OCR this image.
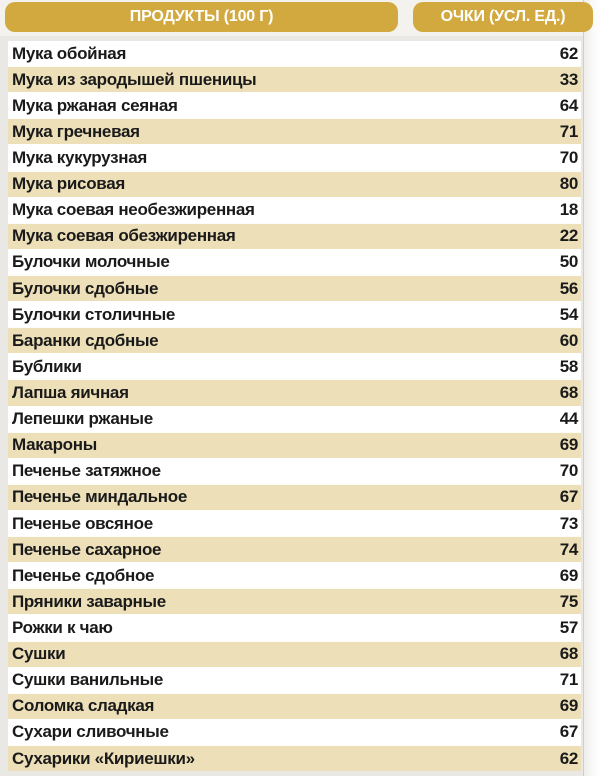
ПРОДУКТЫ (100 Г)	ОЧКИ (УСЛ. ЕД.)
Мука обойная	62
Мука из зародышей пшеницы	33
Мука ржаная сеяная	64
Мука гречневая	71
Мука кукурузная	70
Мука рисовая	80
Мука соевая необезжиренная	18
Мука соевая обезжиренная	22
Булочки молочные	50
Булочки сдобные	56
Булочки столичные	54
Баранки сдобные	60
Бублики	58
Лапша яичная	68
Лепешки ржаные	44
Макароны	69
Печенье затяжное	70
Печенье миндальное	67
Печенье овсяное	73
Печенье сахарное	74
Печенье сдобное	69
Пряники заварные	75
Рожки к чаю	57
Сушки	68
Сушки ванильные	71
Соломка сладкая	69
Сухари сливочные	67
Сухарики «Кириешки»	62
